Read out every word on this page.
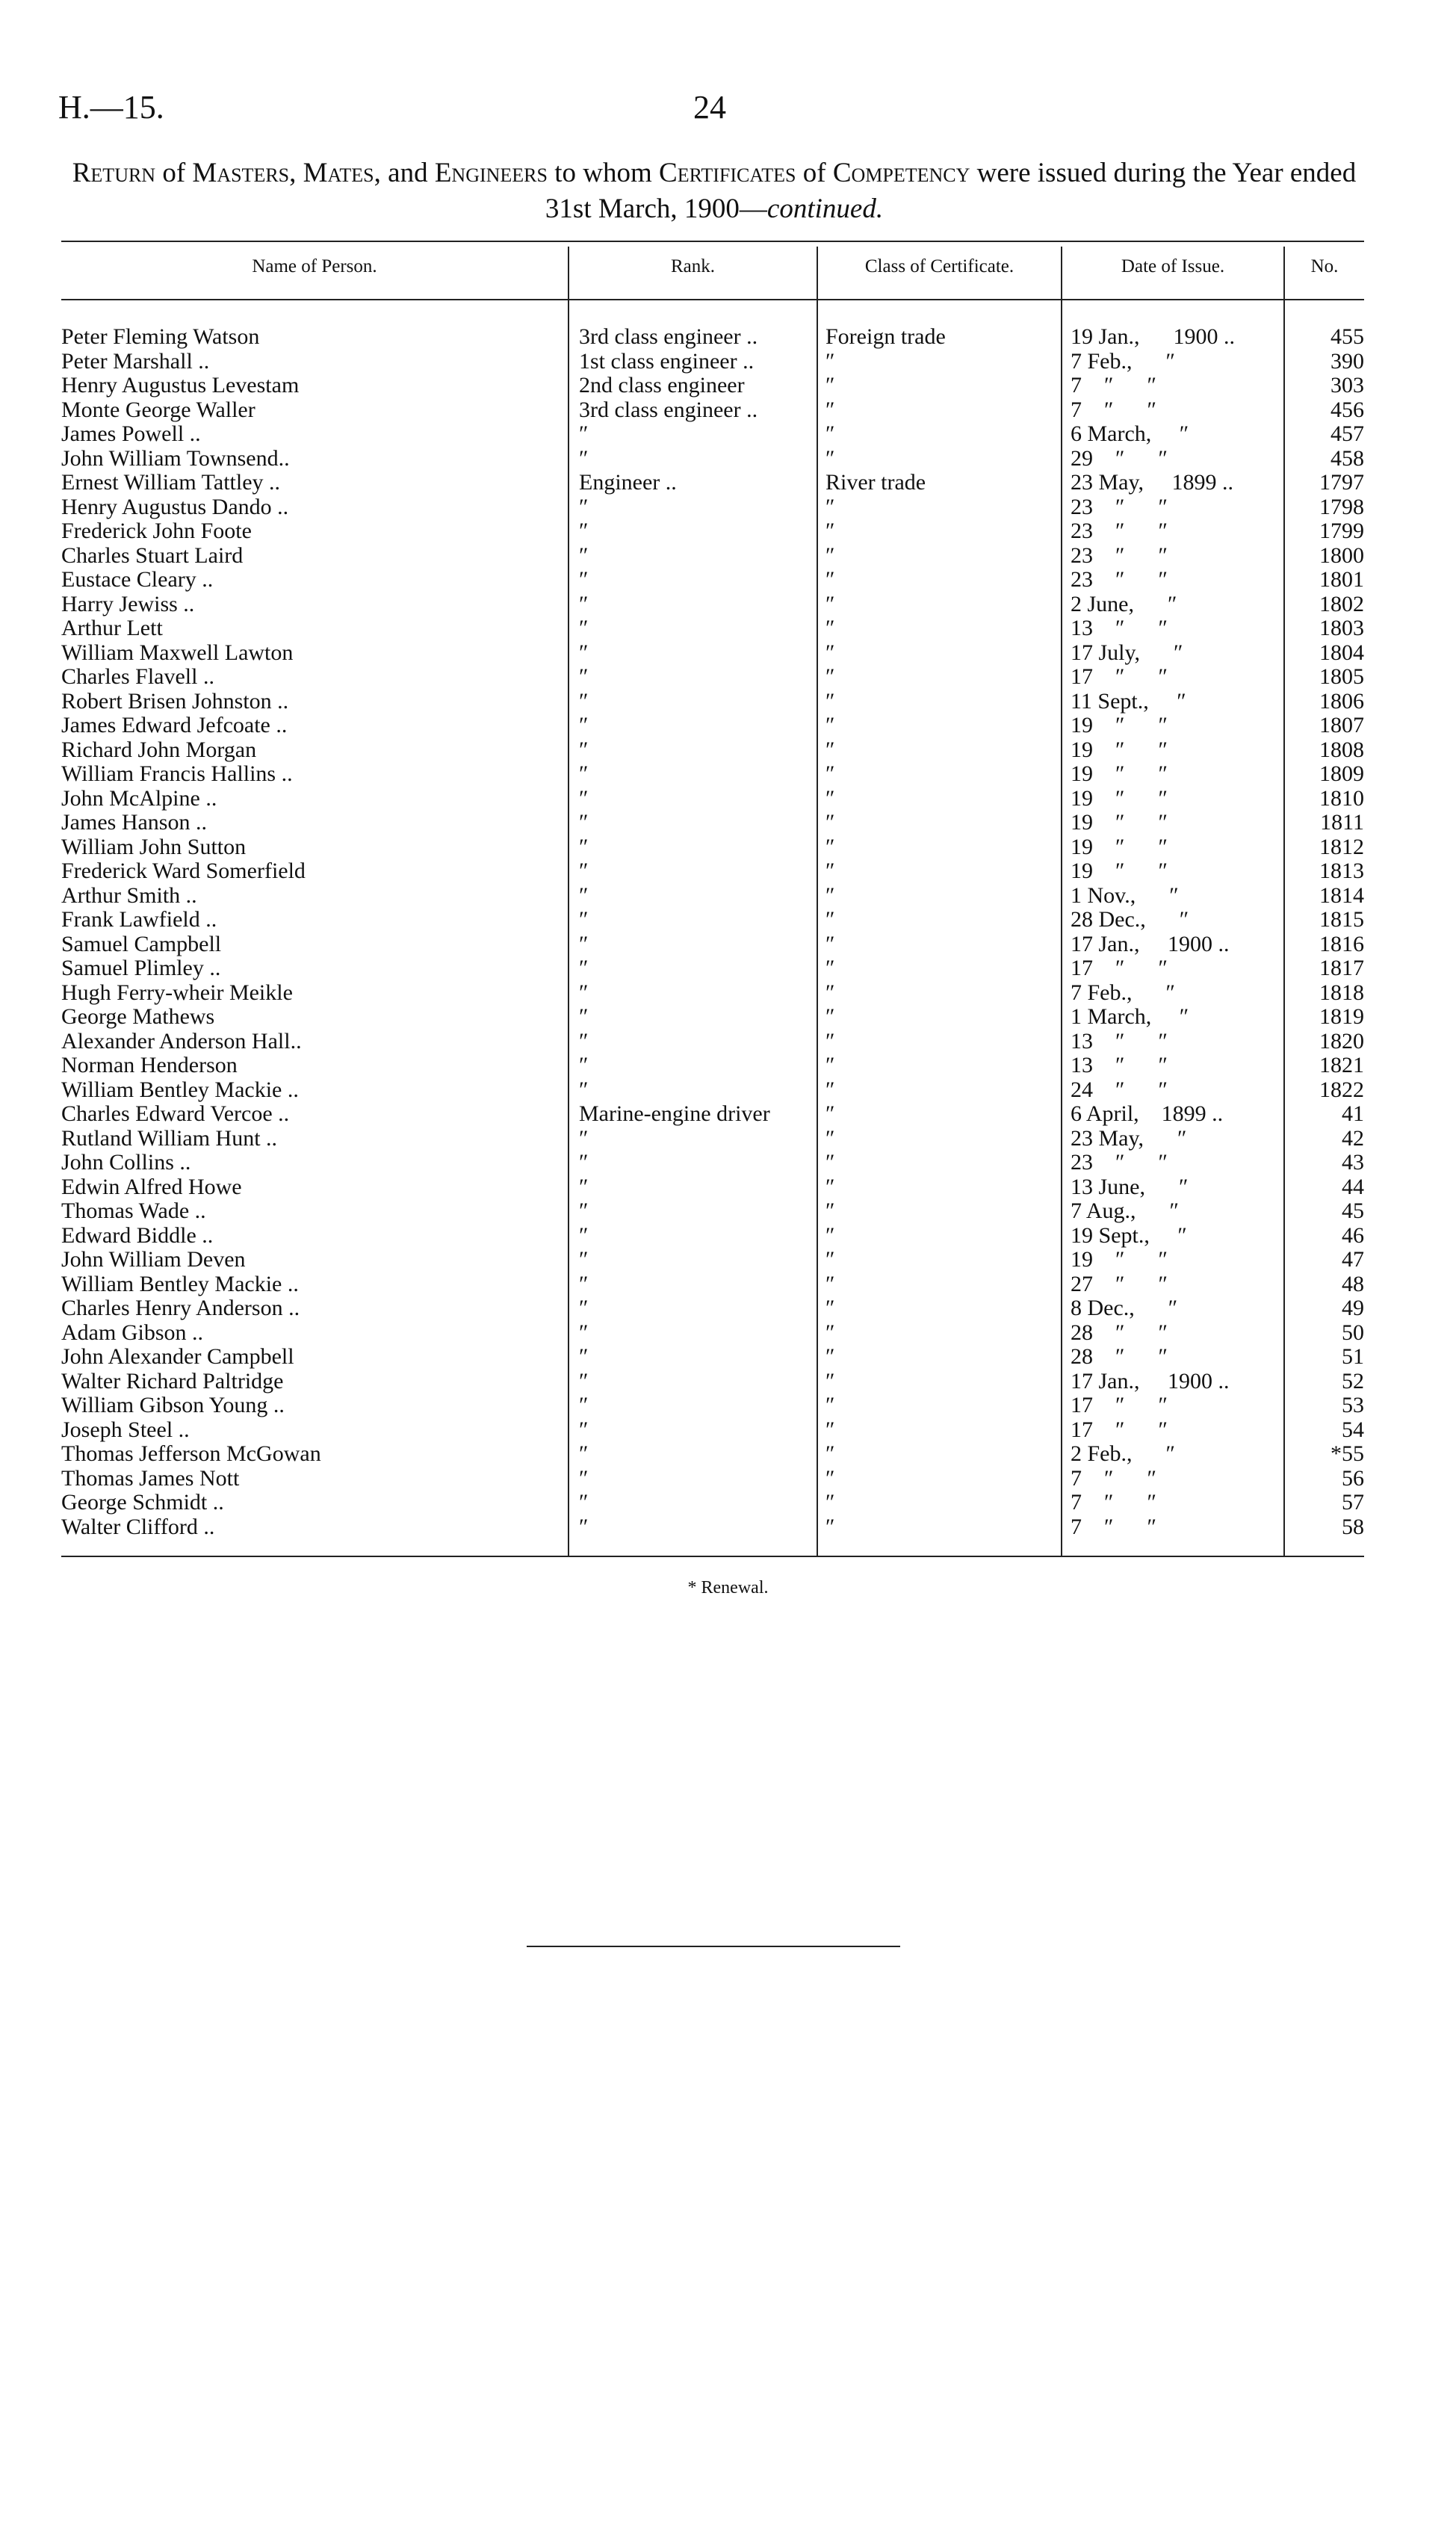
H.—15.	24
Return of Masters, Mates, and Engineers to whom Certificates of Competency were issued during the Year ended 31st March, 1900—continued.
Name of Person.	Rank.	Class of Certificate.	Date of Issue.	No.
Peter Fleming Watson	3rd class engineer ..	Foreign trade	19 Jan.,      1900 ..	455
Peter Marshall ..	1st class engineer ..	″	7 Feb.,      ″	390
Henry Augustus Levestam	2nd class engineer	″	7    ″      ″	303
Monte George Waller	3rd class engineer ..	″	7    ″      ″	456
James Powell ..	″	″	6 March,     ″	457
John William Townsend..	″	″	29    ″      ″	458
Ernest William Tattley ..	Engineer ..	River trade	23 May,     1899 ..	1797
Henry Augustus Dando ..	″	″	23    ″      ″	1798
Frederick John Foote	″	″	23    ″      ″	1799
Charles Stuart Laird	″	″	23    ″      ″	1800
Eustace Cleary ..	″	″	23    ″      ″	1801
Harry Jewiss ..	″	″	2 June,      ″	1802
Arthur Lett	″	″	13    ″      ″	1803
William Maxwell Lawton	″	″	17 July,      ″	1804
Charles Flavell ..	″	″	17    ″      ″	1805
Robert Brisen Johnston ..	″	″	11 Sept.,     ″	1806
James Edward Jefcoate ..	″	″	19    ″      ″	1807
Richard John Morgan	″	″	19    ″      ″	1808
William Francis Hallins ..	″	″	19    ″      ″	1809
John McAlpine ..	″	″	19    ″      ″	1810
James Hanson ..	″	″	19    ″      ″	1811
William John Sutton	″	″	19    ″      ″	1812
Frederick Ward Somerfield	″	″	19    ″      ″	1813
Arthur Smith ..	″	″	1 Nov.,      ″	1814
Frank Lawfield ..	″	″	28 Dec.,      ″	1815
Samuel Campbell	″	″	17 Jan.,     1900 ..	1816
Samuel Plimley ..	″	″	17    ″      ″	1817
Hugh Ferry-wheir Meikle	″	″	7 Feb.,      ″	1818
George Mathews	″	″	1 March,     ″	1819
Alexander Anderson Hall..	″	″	13    ″      ″	1820
Norman Henderson	″	″	13    ″      ″	1821
William Bentley Mackie ..	″	″	24    ″      ″	1822
Charles Edward Vercoe ..	Marine-engine driver	″	6 April,    1899 ..	41
Rutland William Hunt ..	″	″	23 May,      ″	42
John Collins ..	″	″	23    ″      ″	43
Edwin Alfred Howe	″	″	13 June,      ″	44
Thomas Wade ..	″	″	7 Aug.,      ″	45
Edward Biddle ..	″	″	19 Sept.,     ″	46
John William Deven	″	″	19    ″      ″	47
William Bentley Mackie ..	″	″	27    ″      ″	48
Charles Henry Anderson ..	″	″	8 Dec.,      ″	49
Adam Gibson ..	″	″	28    ″      ″	50
John Alexander Campbell	″	″	28    ″      ″	51
Walter Richard Paltridge	″	″	17 Jan.,     1900 ..	52
William Gibson Young ..	″	″	17    ″      ″	53
Joseph Steel ..	″	″	17    ″      ″	54
Thomas Jefferson McGowan	″	″	2 Feb.,      ″	*55
Thomas James Nott	″	″	7    ″      ″	56
George Schmidt ..	″	″	7    ″      ″	57
Walter Clifford ..	″	″	7    ″      ″	58
* Renewal.
